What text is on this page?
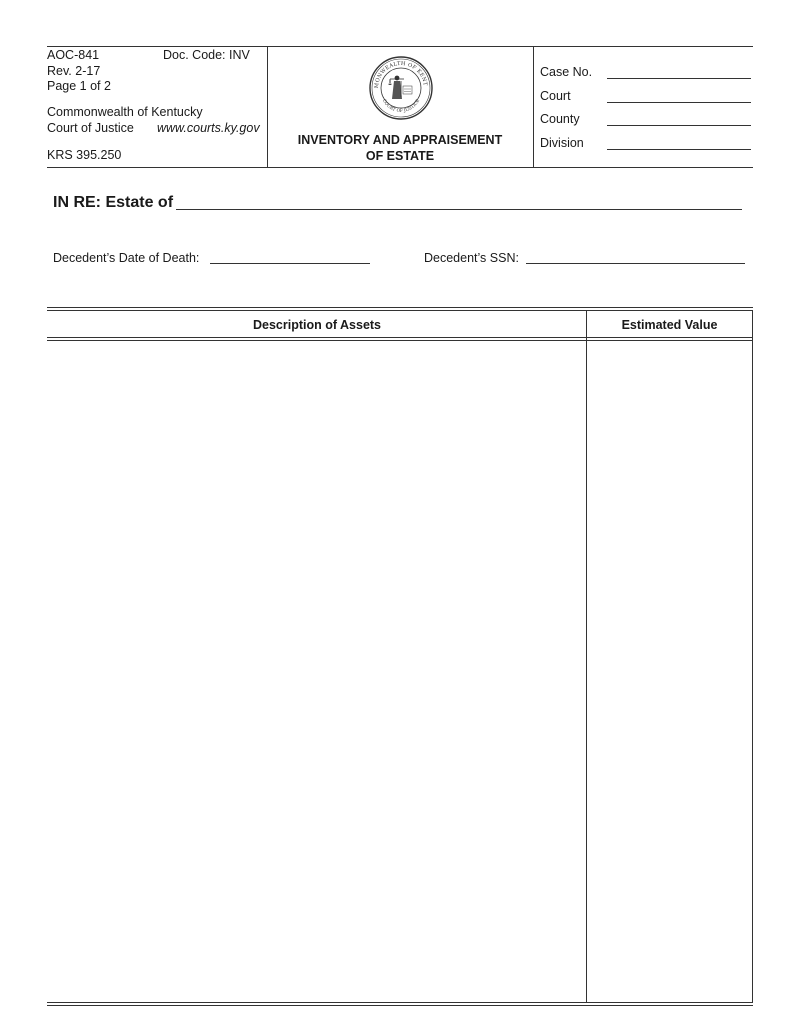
AOC-841	Doc. Code: INV
Rev. 2-17
Page 1 of 2
Commonwealth of Kentucky
Court of Justice www.courts.ky.gov
KRS 395.250
MONWEALTH OF KENT
COURT OF JUSTICE
INVENTORY AND APPRAISEMENT
OF ESTATE
Case No.
Court
County
Division
IN RE: Estate of
Decedent’s Date of Death:	Decedent’s SSN:
Description of Assets	Estimated Value
